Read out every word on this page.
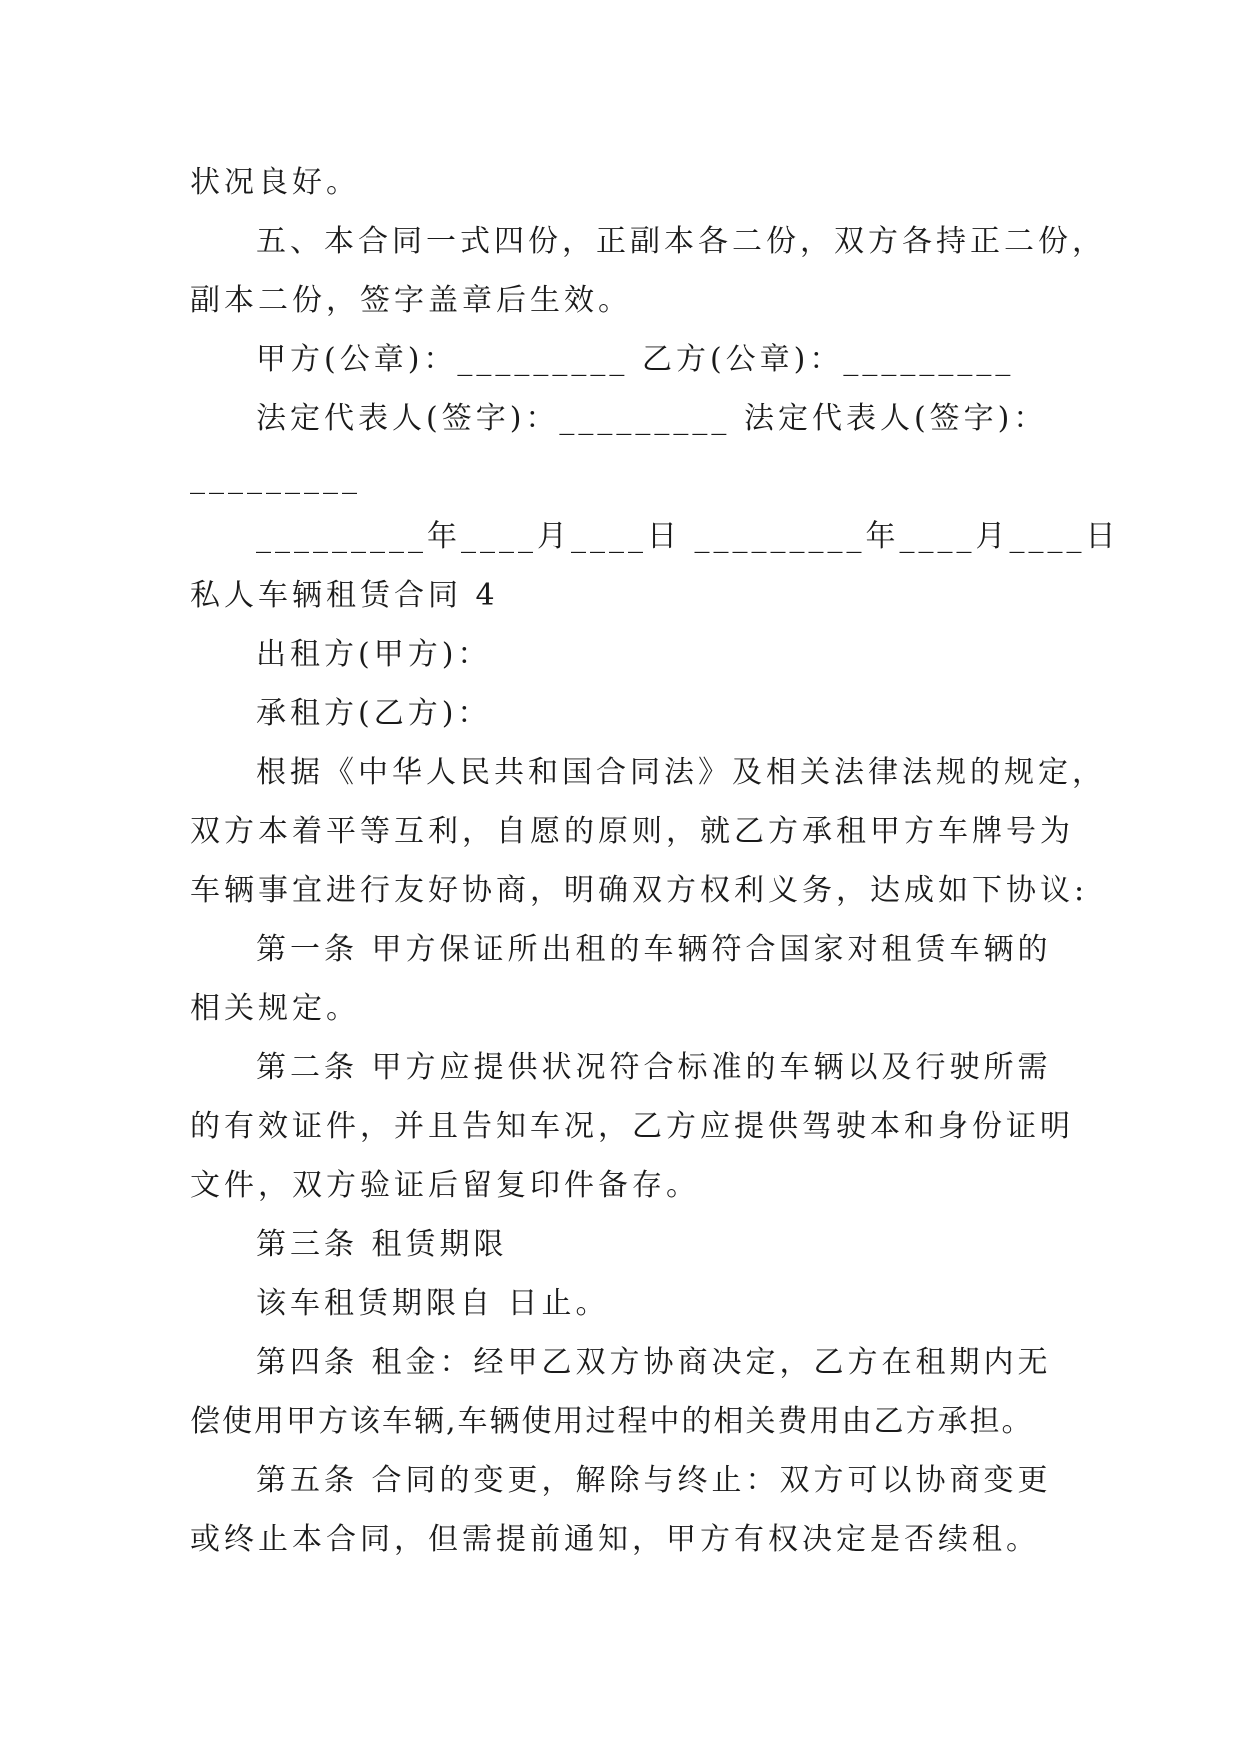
状况良好。
五、本合同一式四份，正副本各二份，双方各持正二份，
副本二份，签字盖章后生效。
甲方(公章)：_________ 乙方(公章)：_________
法定代表人(签字)：_________ 法定代表人(签字)：
_________
_________年____月____日 _________年____月____日
私人车辆租赁合同 4
出租方(甲方)：
承租方(乙方)：
根据《中华人民共和国合同法》及相关法律法规的规定，
双方本着平等互利，自愿的原则，就乙方承租甲方车牌号为
车辆事宜进行友好协商，明确双方权利义务，达成如下协议:
第一条 甲方保证所出租的车辆符合国家对租赁车辆的
相关规定。
第二条 甲方应提供状况符合标准的车辆以及行驶所需
的有效证件，并且告知车况，乙方应提供驾驶本和身份证明
文件，双方验证后留复印件备存。
第三条 租赁期限
该车租赁期限自 日止。
第四条 租金：经甲乙双方协商决定，乙方在租期内无
偿使用甲方该车辆,车辆使用过程中的相关费用由乙方承担。
第五条 合同的变更，解除与终止：双方可以协商变更
或终止本合同，但需提前通知，甲方有权决定是否续租。
